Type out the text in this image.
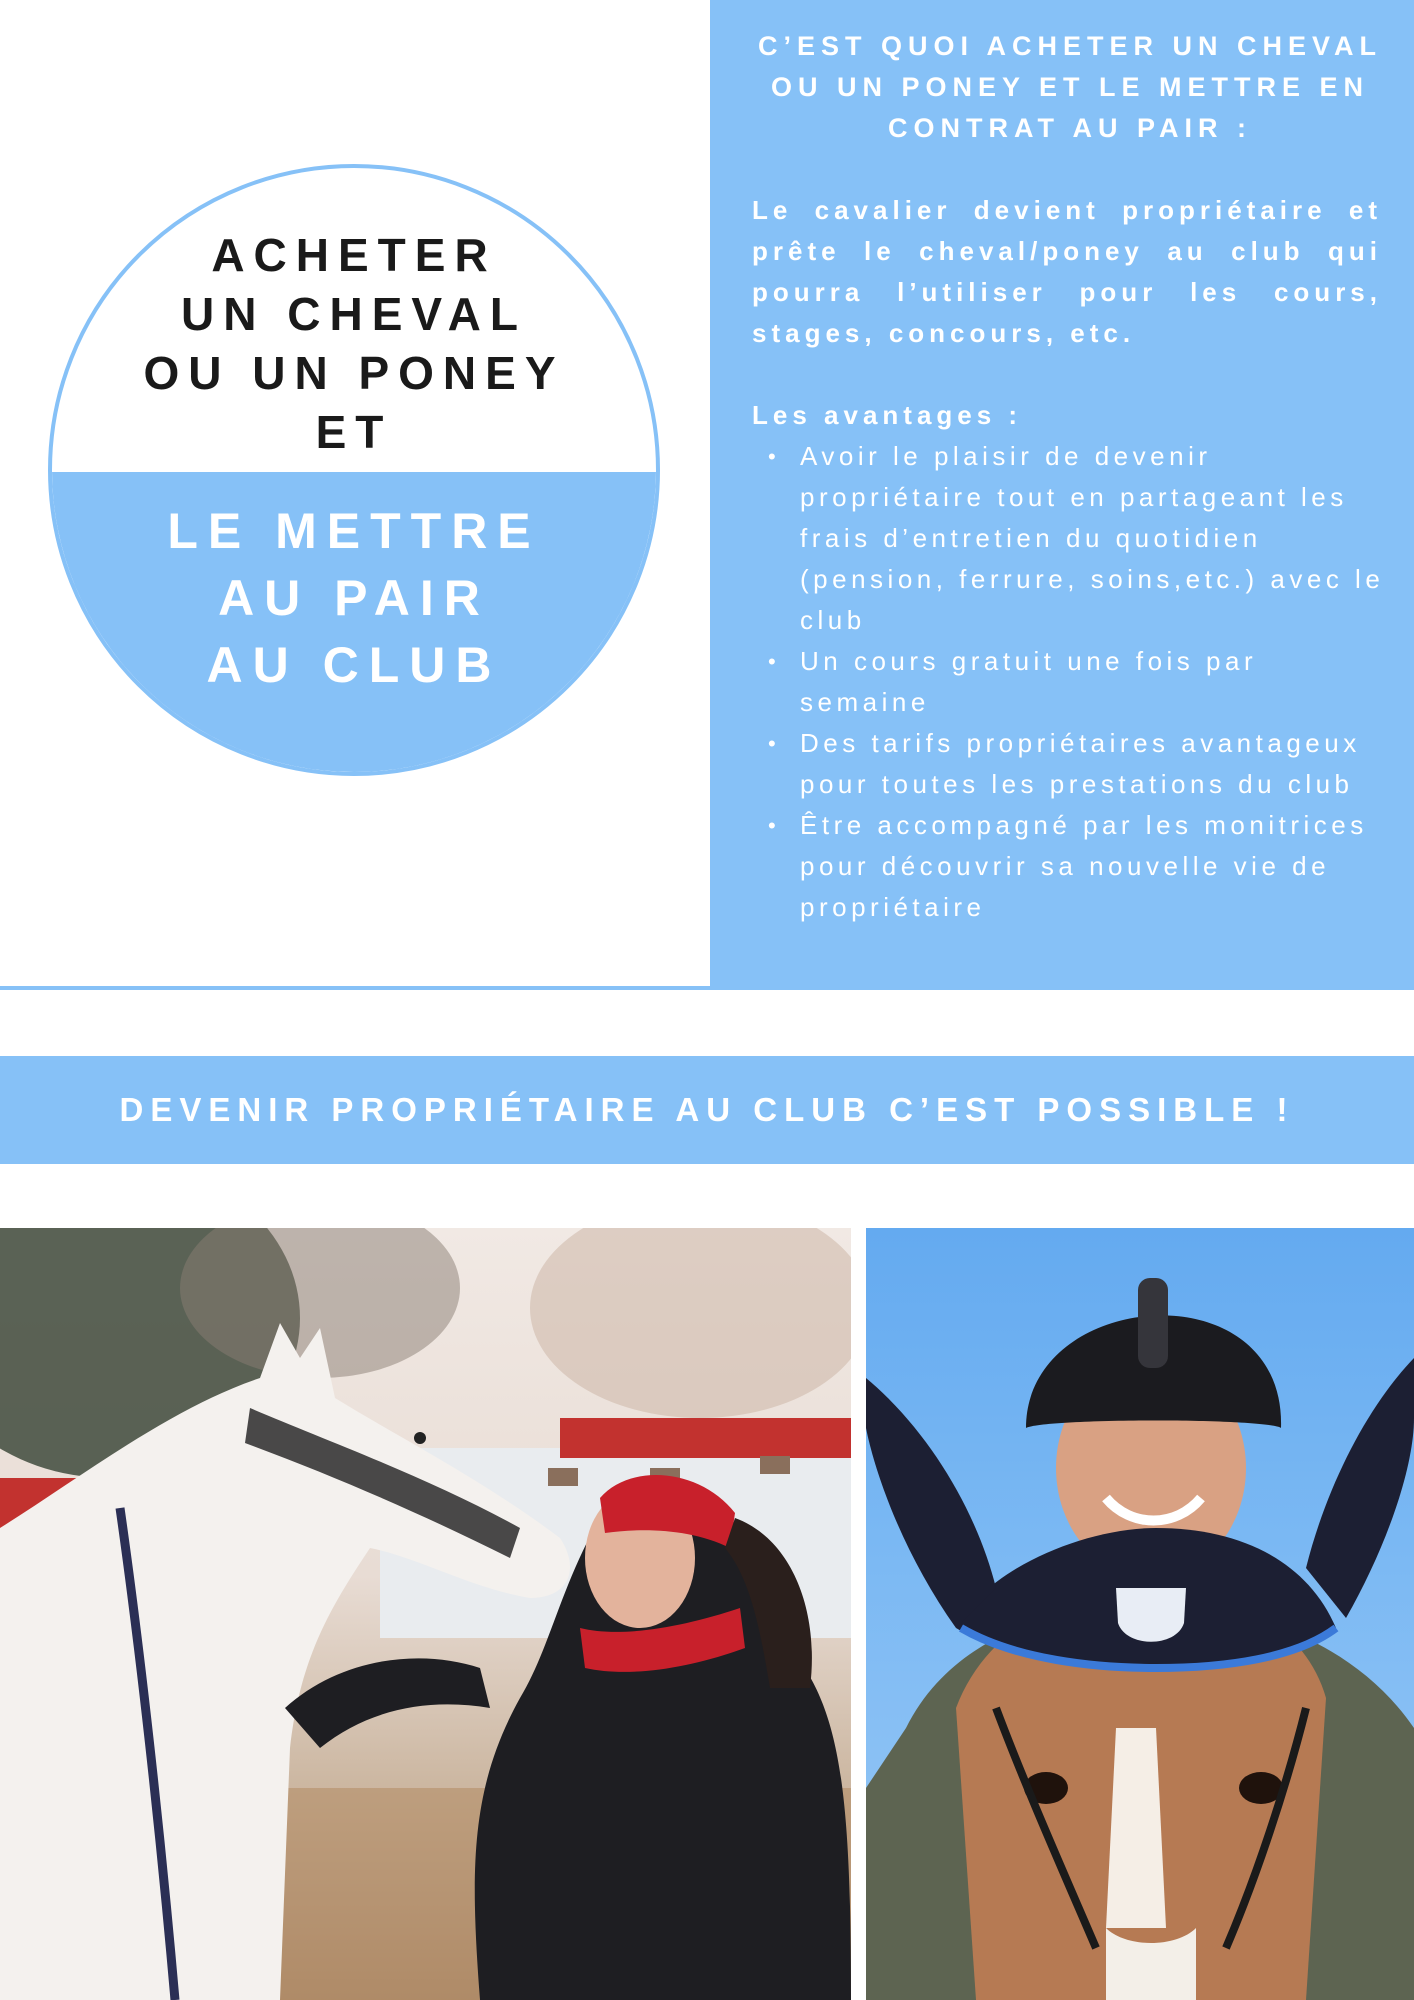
ACHETER
UN CHEVAL
OU UN PONEY
ET
LE METTRE
AU PAIR
AU CLUB
C’EST QUOI ACHETER UN CHEVAL OU UN PONEY ET LE METTRE EN CONTRAT AU PAIR :
Le cavalier devient propriétaire et prête le cheval/poney au club qui pourra l’utiliser pour les cours, stages, concours, etc.
Les avantages :
• Avoir le plaisir de devenir propriétaire tout en partageant les frais d’entretien du quotidien (pension, ferrure, soins,etc.) avec le club
• Un cours gratuit une fois par semaine
• Des tarifs propriétaires avantageux pour toutes les prestations du club
• Être accompagné par les monitrices pour découvrir sa nouvelle vie de propriétaire
DEVENIR PROPRIÉTAIRE AU CLUB C’EST POSSIBLE !
